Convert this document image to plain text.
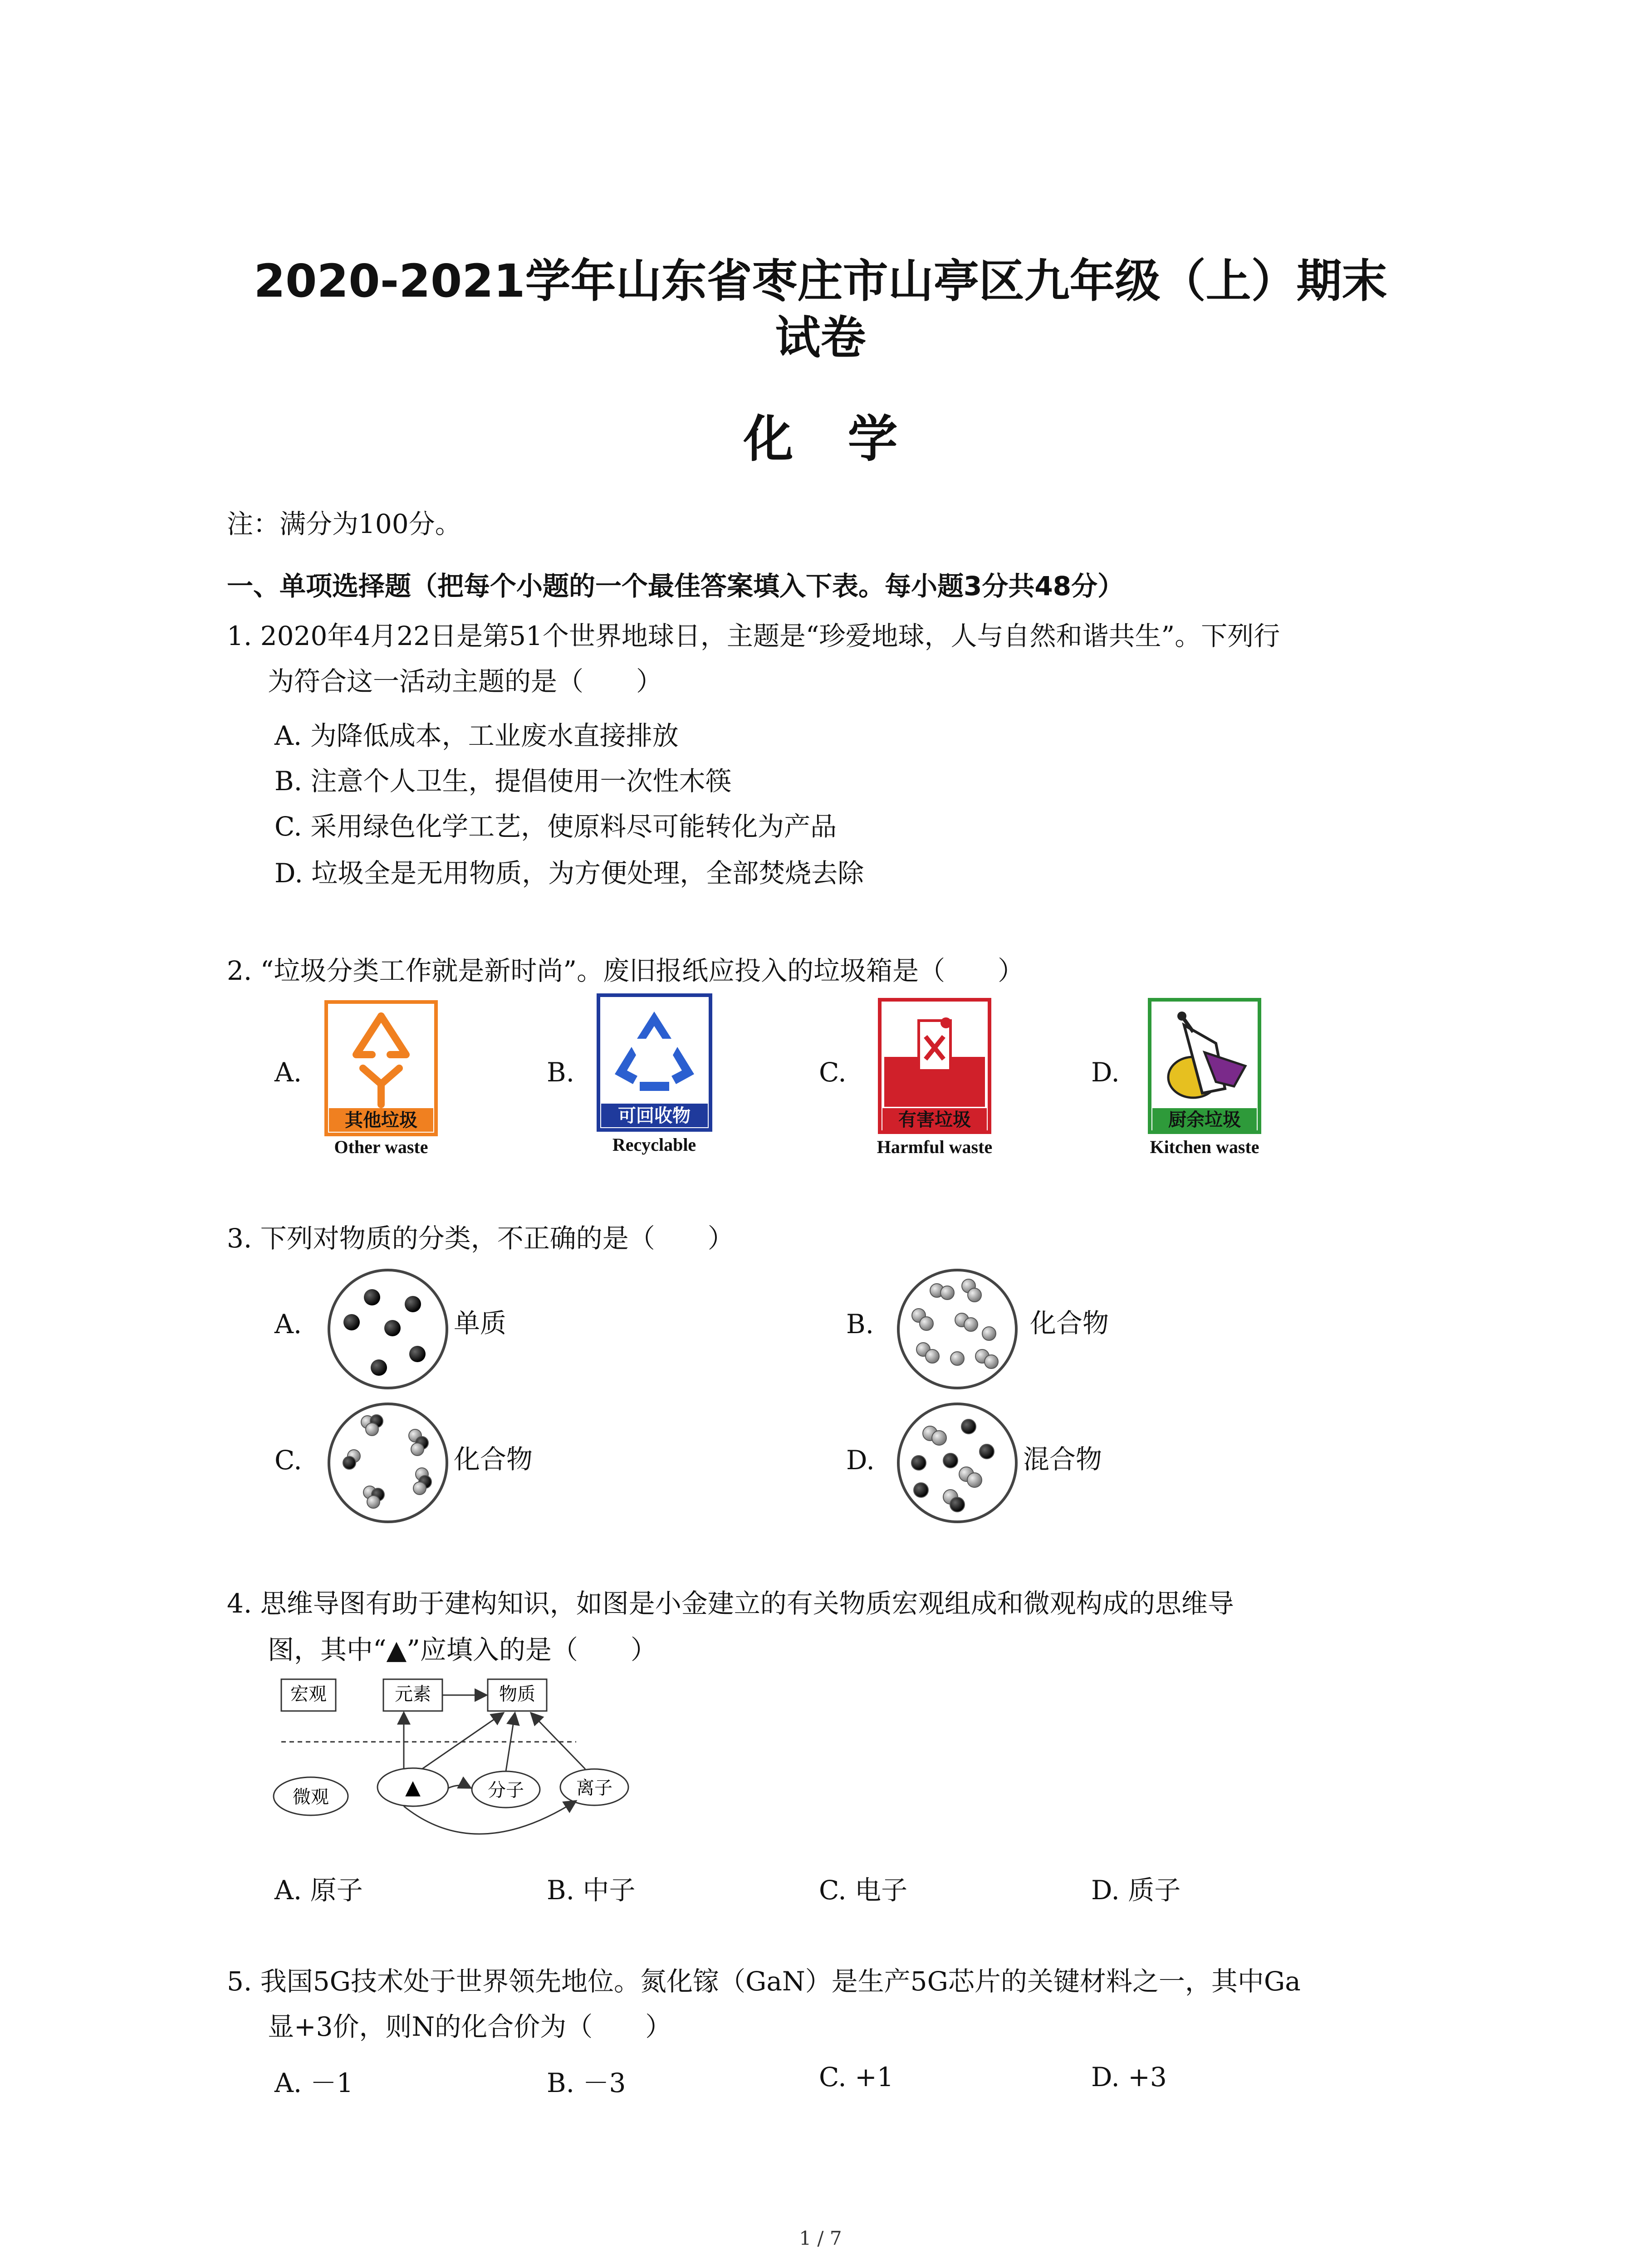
2020-2021学年山东省枣庄市山亭区九年级（上）期末
试卷
化学
注：满分为100分。
一、单项选择题（把每个小题的一个最佳答案填入下表。每小题3分共48分）
1. 2020年4月22日是第51个世界地球日，主题是“珍爱地球，人与自然和谐共生”。下列行
为符合这一活动主题的是（　　）
A. 为降低成本，工业废水直接排放
B. 注意个人卫生，提倡使用一次性木筷
C. 采用绿色化学工艺，使原料尽可能转化为产品
D. 垃圾全是无用物质，为方便处理，全部焚烧去除
2. “垃圾分类工作就是新时尚”。废旧报纸应投入的垃圾箱是（　　）
A.	B.	C.	D.
其他垃圾
Other waste
可回收物
Recyclable
有害垃圾
Harmful waste
厨余垃圾
Kitchen waste
3. 下列对物质的分类，不正确的是（　　）
A.	单质	B.	化合物
C.	化合物	D.	混合物
4. 思维导图有助于建构知识，如图是小金建立的有关物质宏观组成和微观构成的思维导
图，其中“▲”应填入的是（　　）
宏观	元素	物质
微观	▲	分子	离子
A. 原子	B. 中子	C. 电子	D. 质子
5. 我国5G技术处于世界领先地位。氮化镓（GaN）是生产5G芯片的关键材料之一，其中Ga
显+3价，则N的化合价为（　　）
A. －1	B. －3	C. +1	D. +3
1 / 7
